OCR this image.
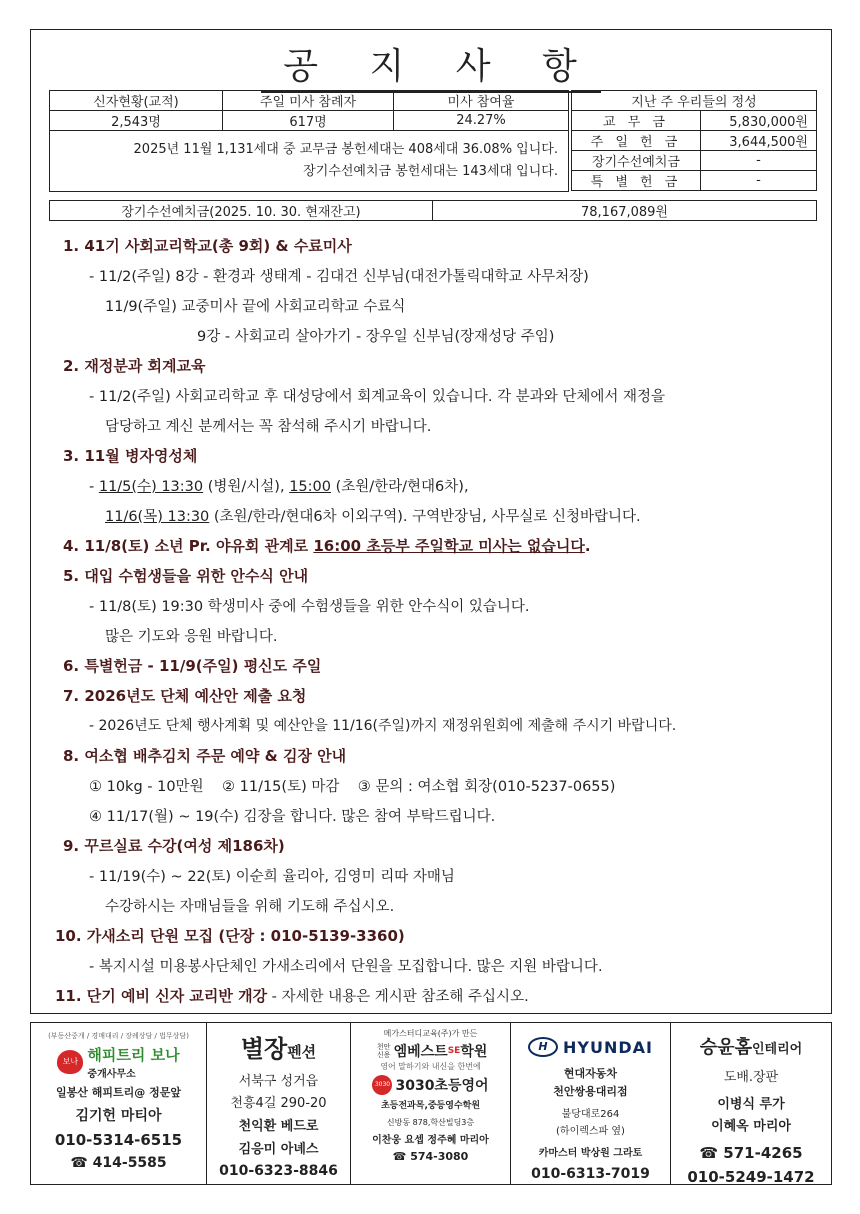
공 지 사 항
신자현황(교적)	주일 미사 참례자	미사 참여율
2,543명	617명	24.27%

2025년 11월 1,131세대 중 교무금 봉헌세대는 408세대 36.08% 입니다.
장기수선예치금 봉헌세대는 143세대 입니다.		
지난 주 우리들의 정성	
교 무 금	5,830,000원
주 일 헌 금	3,644,500원
장기수선예치금	-
특 별 헌 금	-
장기수선예치금(2025. 10. 30. 현재잔고)	78,167,089원
1. 41기 사회교리학교(총 9회) & 수료미사
- 11/2(주일) 8강 - 환경과 생태계 - 김대건 신부님(대전가톨릭대학교 사무처장)
11/9(주일) 교중미사 끝에 사회교리학교 수료식
9강 - 사회교리 살아가기 - 장우일 신부님(장재성당 주임)
2. 재정분과 회계교육
- 11/2(주일) 사회교리학교 후 대성당에서 회계교육이 있습니다. 각 분과와 단체에서 재정을
담당하고 계신 분께서는 꼭 참석해 주시기 바랍니다.
3. 11월 병자영성체
- 11/5(수) 13:30 (병원/시설), 15:00 (초원/한라/현대6차),
11/6(목) 13:30 (초원/한라/현대6차 이외구역). 구역반장님, 사무실로 신청바랍니다.
4. 11/8(토) 소년 Pr. 야유회 관계로 16:00 초등부 주일학교 미사는 없습니다.
5. 대입 수험생들을 위한 안수식 안내
- 11/8(토) 19:30 학생미사 중에 수험생들을 위한 안수식이 있습니다.
많은 기도와 응원 바랍니다.
6. 특별헌금 - 11/9(주일) 평신도 주일
7. 2026년도 단체 예산안 제출 요청
- 2026년도 단체 행사계획 및 예산안을 11/16(주일)까지 재정위원회에 제출해 주시기 바랍니다.
8. 여소협 배추김치 주문 예약 & 김장 안내
① 10kg - 10만원    ② 11/15(토) 마감    ③ 문의 : 여소협 회장(010-5237-0655)
④ 11/17(월) ~ 19(수) 김장을 합니다. 많은 참여 부탁드립니다.
9. 꾸르실료 수강(여성 제186차)
- 11/19(수) ~ 22(토) 이순희 율리아, 김영미 리따 자매님
수강하시는 자매님들을 위해 기도해 주십시오.
10. 가새소리 단원 모집 (단장 : 010-5139-3360)
- 복지시설 미용봉사단체인 가새소리에서 단원을 모집합니다. 많은 지원 바랍니다.
11. 단기 예비 신자 교리반 개강 - 자세한 내용은 게시판 참조해 주십시오.
(부동산중개 / 경매대리 / 장례상담 / 법무상담)
보나 해피트리 보나
중개사무소
일봉산 해피트리@ 정문앞
김기헌 마티아
010-5314-6515
☎ 414-5585
별장펜션
서북구 성거읍
천흥4길 290-20
천익환 베드로
김응미 아녜스
010-6323-8846
메가스터디교육(주)가 만든
천안 신용 엠베스트 SE 학원
영어 말하기와 내신을 한번에
3030 3030초등영어
초등전과목,중등영수학원
신방동 878,학산빌딩3층
이찬웅 요셉 정주혜 마리아
☎ 574-3080
H HYUNDAI
현대자동차
천안쌍용대리점
불당대로264
(하이렉스파 옆)
카마스터 박상원 그라토
010-6313-7019
승윤홈인테리어
도배.장판
이병식 루가
이혜옥 마리아
☎ 571-4265
010-5249-1472
